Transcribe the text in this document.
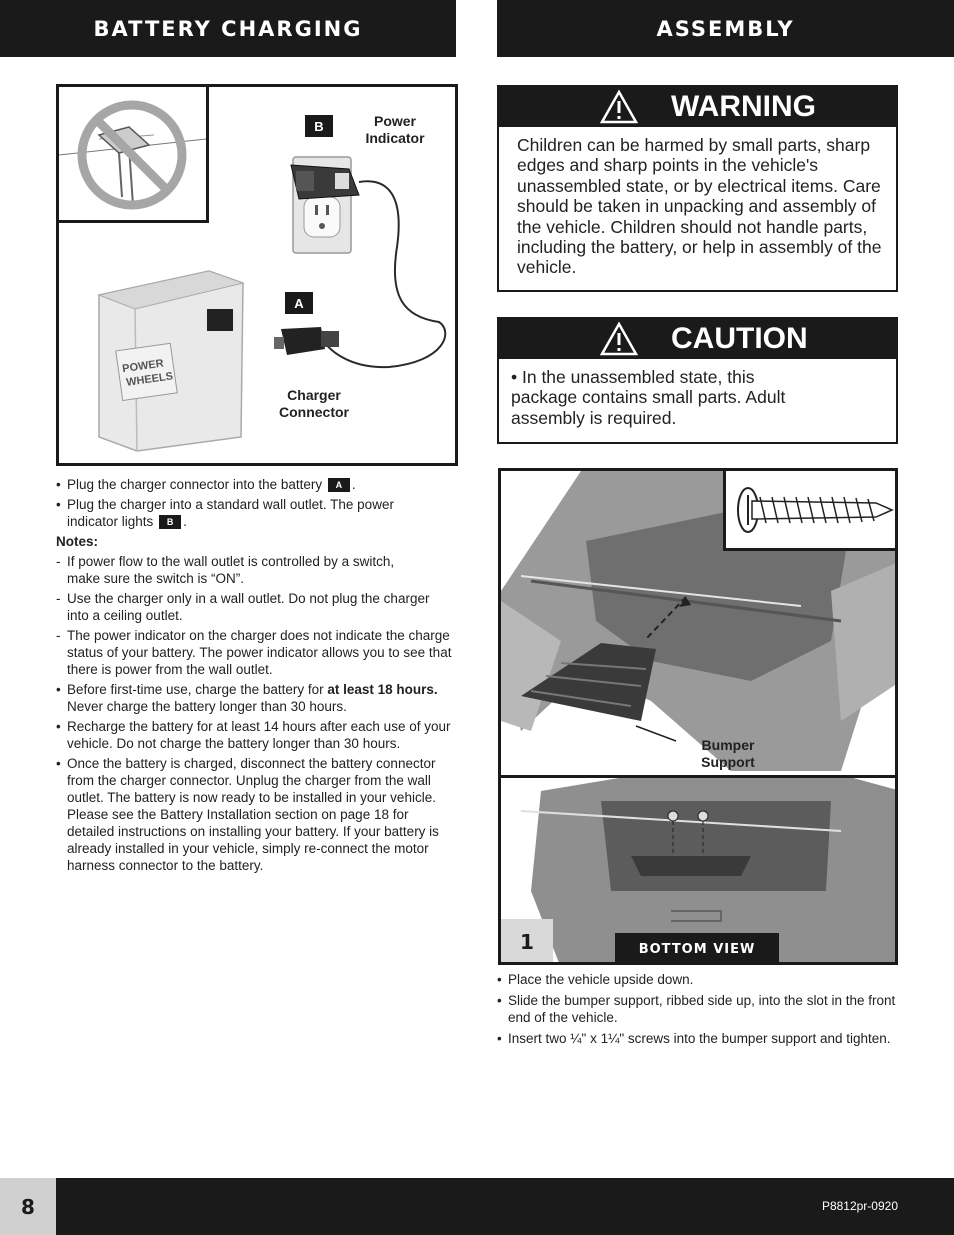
BATTERY CHARGING	ASSEMBLY
POWER
WHEELS
B
A
Power
Indicator
Charger
Connector
• Plug the charger connector into the battery A .
• Plug the charger into a standard wall outlet. The power
indicator lights B .
Notes:
- If power flow to the wall outlet is controlled by a switch, make sure the switch is “ON”.
- Use the charger only in a wall outlet. Do not plug the charger into a ceiling outlet.
- The power indicator on the charger does not indicate the charge status of your battery. The power indicator allows you to see that there is power from the wall outlet.
• Before first-time use, charge the battery for at least 18 hours. Never charge the battery longer than 30 hours.
• Recharge the battery for at least 14 hours after each use of your vehicle. Do not charge the battery longer than 30 hours.
• Once the battery is charged, disconnect the battery connector from the charger connector. Unplug the charger from the wall outlet. The battery is now ready to be installed in your vehicle. Please see the Battery Installation section on page 18 for detailed instructions on installing your battery. If your battery is already installed in your vehicle, simply re-connect the motor harness connector to the battery.
WARNING
Children can be harmed by small parts, sharp edges and sharp points in the vehicle's unassembled state, or by electrical items. Care should be taken in unpacking and assembly of the vehicle. Children should not handle parts, including the battery, or help in assembly of the vehicle.
CAUTION
• In the unassembled state, this package contains small parts. Adult assembly is required.
Bumper Support
1	BOTTOM VIEW
• Place the vehicle upside down.
• Slide the bumper support, ribbed side up, into the slot in the front end of the vehicle.
• Insert two ¼" x 1¼" screws into the bumper support and tighten.
8	P8812pr-0920
